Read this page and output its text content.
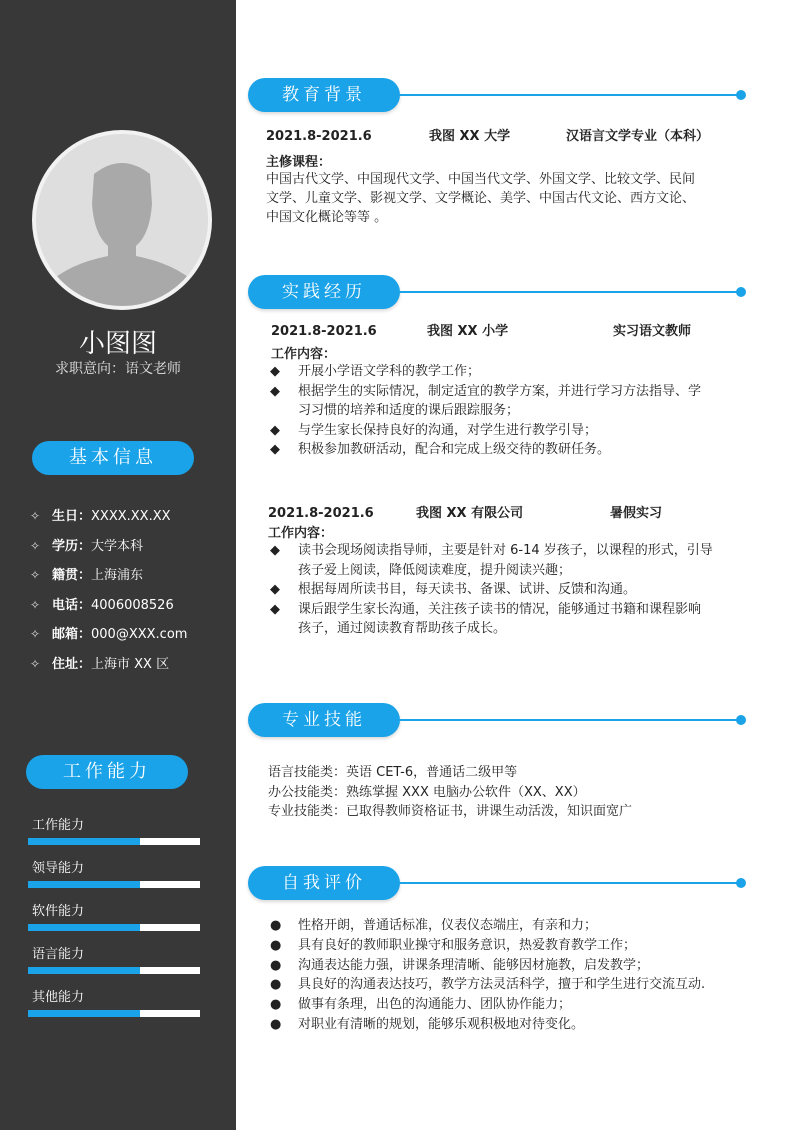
小图图
求职意向：语文老师
基本信息
✧ 生日：XXXX.XX.XX
✧ 学历：大学本科
✧ 籍贯：上海浦东
✧ 电话：4006008526
✧ 邮箱：000@XXX.com
✧ 住址：上海市 XX 区
工作能力
工作能力
领导能力
软件能力
语言能力
其他能力
教育背景
2021.8-2021.6	我图 XX 大学	汉语言文学专业（本科）
主修课程：
中国古代文学、中国现代文学、中国当代文学、外国文学、比较文学、民间
文学、儿童文学、影视文学、文学概论、美学、中国古代文论、西方文论、
中国文化概论等等 。
实践经历
2021.8-2021.6	我图 XX 小学	实习语文教师
工作内容：
◆ 开展小学语文学科的教学工作；
◆ 根据学生的实际情况，制定适宜的教学方案，并进行学习方法指导、学
习习惯的培养和适度的课后跟踪服务；
◆ 与学生家长保持良好的沟通，对学生进行教学引导；
◆ 积极参加教研活动，配合和完成上级交待的教研任务。
2021.8-2021.6	我图 XX 有限公司	暑假实习
工作内容：
◆ 读书会现场阅读指导师，主要是针对 6-14 岁孩子，以课程的形式，引导
孩子爱上阅读，降低阅读难度，提升阅读兴趣；
◆ 根据每周所读书目，每天读书、备课、试讲、反馈和沟通。
◆ 课后跟学生家长沟通，关注孩子读书的情况，能够通过书籍和课程影响
孩子，通过阅读教育帮助孩子成长。
专业技能
语言技能类：英语 CET-6，普通话二级甲等
办公技能类：熟练掌握 XXX 电脑办公软件（XX、XX）
专业技能类：已取得教师资格证书，讲课生动活泼，知识面宽广
自我评价
● 性格开朗，普通话标准，仪表仪态端庄，有亲和力；
● 具有良好的教师职业操守和服务意识，热爱教育教学工作；
● 沟通表达能力强，讲课条理清晰、能够因材施教，启发教学；
● 具良好的沟通表达技巧，教学方法灵活科学，擅于和学生进行交流互动.
● 做事有条理，出色的沟通能力、团队协作能力；
● 对职业有清晰的规划，能够乐观积极地对待变化。
